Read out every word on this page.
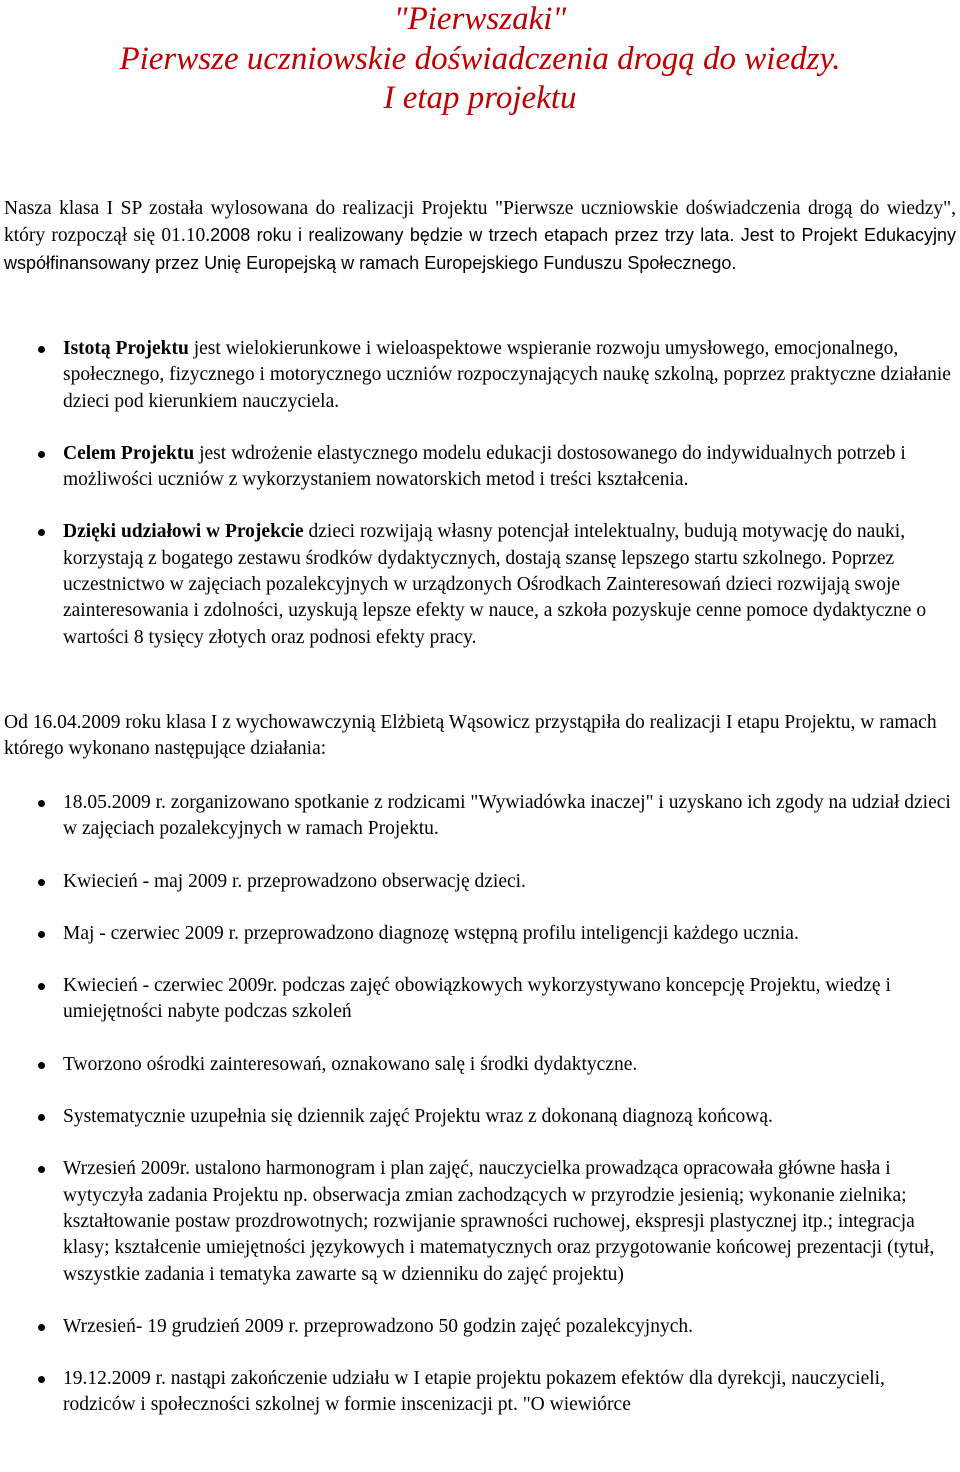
"Pierwszaki"
Pierwsze uczniowskie doświadczenia drogą do wiedzy.
I etap projektu

Nasza klasa I SP została wylosowana do realizacji Projektu "Pierwsze uczniowskie doświadczenia drogą do wiedzy", który rozpoczął się 01.10.2008 roku i realizowany będzie w trzech etapach przez trzy lata. Jest to Projekt Edukacyjny współfinansowany przez Unię Europejską w ramach Europejskiego Funduszu Społecznego.

Istotą Projektu jest wielokierunkowe i wieloaspektowe wspieranie rozwoju umysłowego, emocjonalnego, społecznego, fizycznego i motorycznego uczniów rozpoczynających naukę szkolną, poprzez praktyczne działanie dzieci pod kierunkiem nauczyciela.
Celem Projektu jest wdrożenie elastycznego modelu edukacji dostosowanego do indywidualnych potrzeb i możliwości uczniów z wykorzystaniem nowatorskich metod i treści kształcenia.
Dzięki udziałowi w Projekcie dzieci rozwijają własny potencjał intelektualny, budują motywację do nauki, korzystają z bogatego zestawu środków dydaktycznych, dostają szansę lepszego startu szkolnego. Poprzez uczestnictwo w zajęciach pozalekcyjnych w urządzonych Ośrodkach Zainteresowań dzieci rozwijają swoje zainteresowania i zdolności, uzyskują lepsze efekty w nauce, a szkoła pozyskuje cenne pomoce dydaktyczne o wartości 8 tysięcy złotych oraz podnosi efekty pracy.

Od 16.04.2009 roku klasa I z wychowawczynią Elżbietą Wąsowicz przystąpiła do realizacji I etapu Projektu, w ramach którego wykonano następujące działania:

18.05.2009 r. zorganizowano spotkanie z rodzicami "Wywiadówka inaczej" i uzyskano ich zgody na udział dzieci w zajęciach pozalekcyjnych w ramach Projektu.
Kwiecień - maj 2009 r. przeprowadzono obserwację dzieci.
Maj - czerwiec 2009 r. przeprowadzono diagnozę wstępną profilu inteligencji każdego ucznia.
Kwiecień - czerwiec 2009r. podczas zajęć obowiązkowych wykorzystywano koncepcję Projektu, wiedzę i umiejętności nabyte podczas szkoleń
Tworzono ośrodki zainteresowań, oznakowano salę i środki dydaktyczne.
Systematycznie uzupełnia się dziennik zajęć Projektu wraz z dokonaną diagnozą końcową.
Wrzesień 2009r. ustalono harmonogram i plan zajęć, nauczycielka prowadząca opracowała główne hasła i wytyczyła zadania Projektu np. obserwacja zmian zachodzących w przyrodzie jesienią; wykonanie zielnika; kształtowanie postaw prozdrowotnych; rozwijanie sprawności ruchowej, ekspresji plastycznej itp.; integracja klasy; kształcenie umiejętności językowych i matematycznych oraz przygotowanie końcowej prezentacji (tytuł, wszystkie zadania i tematyka zawarte są w dzienniku do zajęć projektu)
Wrzesień- 19 grudzień 2009 r. przeprowadzono 50 godzin zajęć pozalekcyjnych.
19.12.2009 r. nastąpi zakończenie udziału w I etapie projektu pokazem efektów dla dyrekcji, nauczycieli, rodziców i społeczności szkolnej w formie inscenizacji pt. "O wiewiórce
